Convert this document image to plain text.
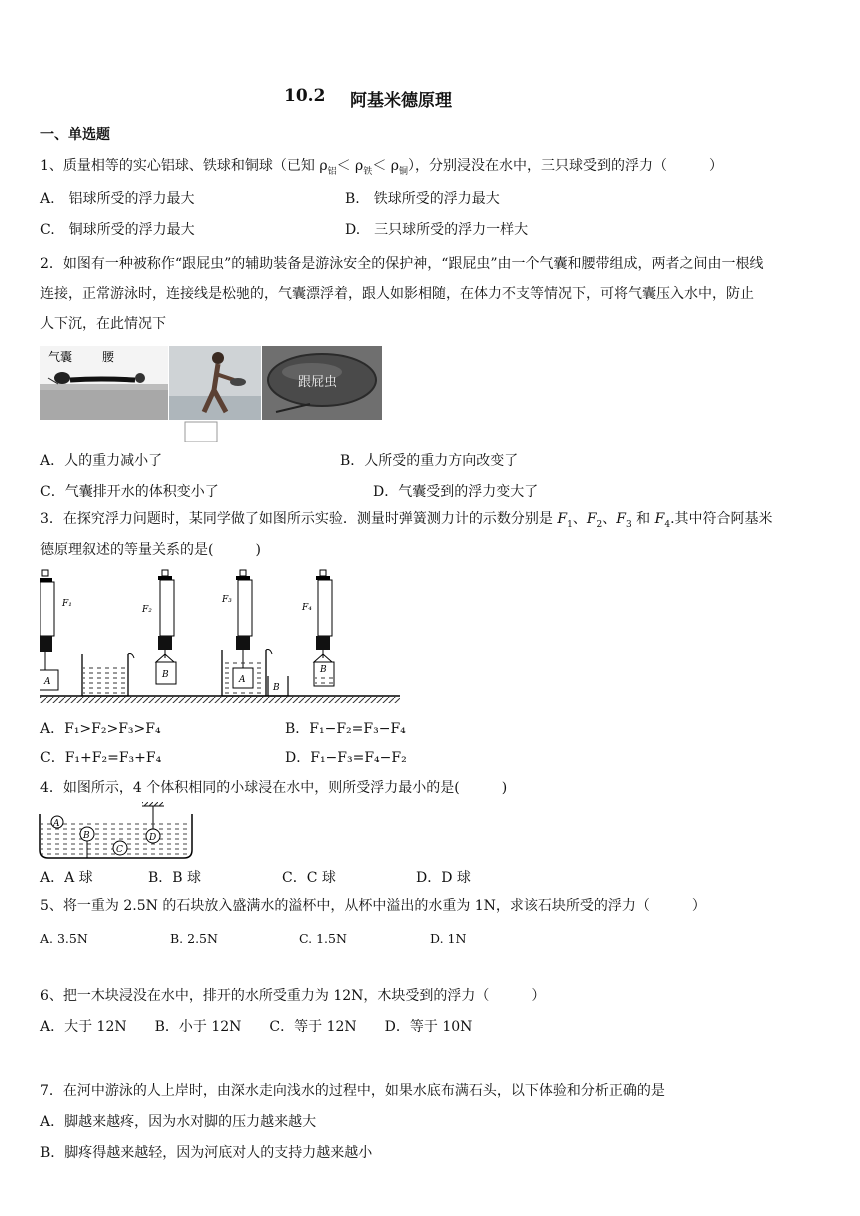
10.2 阿基米德原理
一、单选题
1、质量相等的实心铝球、铁球和铜球（已知 $\rho_铝< \rho_铁< \rho_铜$），分别浸没在水中，三只球受到的浮力（　　　）
A.　铝球所受的浮力最大	B.　铁球所受的浮力最大
C.　铜球所受的浮力最大	D.　三只球所受的浮力一样大
2．如图有一种被称作“跟屁虫”的辅助装备是游泳安全的保护神，“跟屁虫”由一个气囊和腰带组成，两者之间由一根线
连接，正常游泳时，连接线是松驰的，气囊漂浮着，跟人如影相随，在体力不支等情况下，可将气囊压入水中，防止
人下沉，在此情况下
气囊 腰
跟屁虫
A．人的重力减小了	B．人所受的重力方向改变了
C．气囊排开水的体积变小了	D．气囊受到的浮力变大了
3．在探究浮力问题时，某同学做了如图所示实验．测量时弹簧测力计的示数分别是 $F_1$、$F_2$、$F_3$ 和 $F_4$.其中符合阿基米
德原理叙述的等量关系的是(　　　)
F₁
A
F₂
B
F₃
A
B
F₄
B
A．F₁>F₂>F₃>F₄	B．F₁−F₂=F₃−F₄
C．F₁+F₂=F₃+F₄	D．F₁−F₃=F₄−F₂
4．如图所示，4 个体积相同的小球浸在水中，则所受浮力最小的是(　　　)
A
B
C
D
A．A 球	B．B 球	C．C 球	D．D 球
5、将一重为 2.5N 的石块放入盛满水的溢杯中，从杯中溢出的水重为 1N，求该石块所受的浮力（　　　）
A. 3.5N	B. 2.5N	C. 1.5N	D. 1N
6、把一木块浸没在水中，排开的水所受重力为 12N，木块受到的浮力（　　　）
A．大于 12N　　B．小于 12N　　C．等于 12N　　D．等于 10N
7．在河中游泳的人上岸时，由深水走向浅水的过程中，如果水底布满石头，以下体验和分析正确的是
A．脚越来越疼，因为水对脚的压力越来越大
B．脚疼得越来越轻，因为河底对人的支持力越来越小
